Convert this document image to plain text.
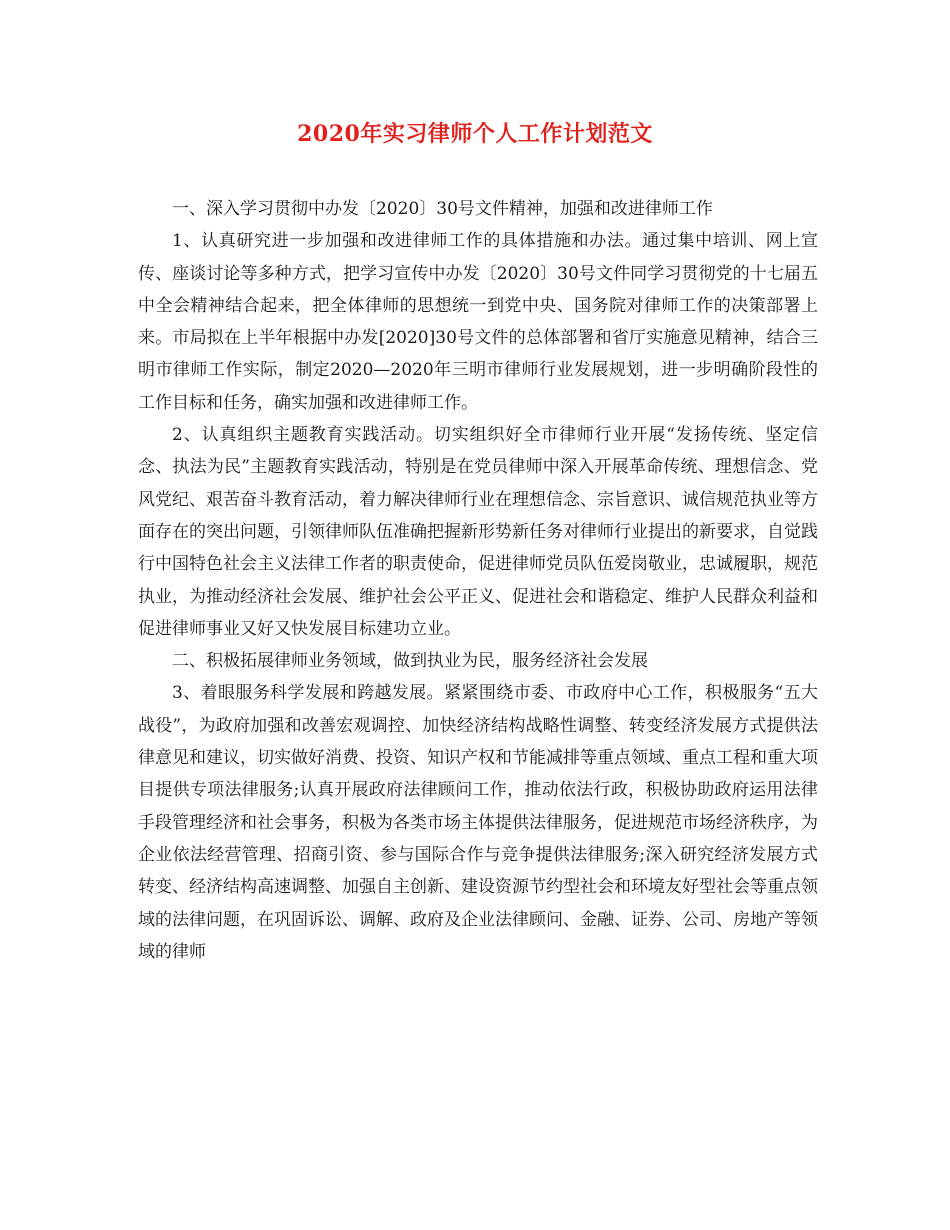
2020年实习律师个人工作计划范文

一、深入学习贯彻中办发〔2020〕30号文件精神，加强和改进律师工作

1、认真研究进一步加强和改进律师工作的具体措施和办法。通过集中培训、网上宣传、座谈讨论等多种方式，把学习宣传中办发〔2020〕30号文件同学习贯彻党的十七届五中全会精神结合起来，把全体律师的思想统一到党中央、国务院对律师工作的决策部署上来。市局拟在上半年根据中办发[2020]30号文件的总体部署和省厅实施意见精神，结合三明市律师工作实际，制定2020—2020年三明市律师行业发展规划，进一步明确阶段性的工作目标和任务，确实加强和改进律师工作。

2、认真组织主题教育实践活动。切实组织好全市律师行业开展“发扬传统、坚定信念、执法为民”主题教育实践活动，特别是在党员律师中深入开展革命传统、理想信念、党风党纪、艰苦奋斗教育活动，着力解决律师行业在理想信念、宗旨意识、诚信规范执业等方面存在的突出问题，引领律师队伍准确把握新形势新任务对律师行业提出的新要求，自觉践行中国特色社会主义法律工作者的职责使命，促进律师党员队伍爱岗敬业，忠诚履职，规范执业，为推动经济社会发展、维护社会公平正义、促进社会和谐稳定、维护人民群众利益和促进律师事业又好又快发展目标建功立业。

二、积极拓展律师业务领域，做到执业为民，服务经济社会发展

3、着眼服务科学发展和跨越发展。紧紧围绕市委、市政府中心工作，积极服务“五大战役”，为政府加强和改善宏观调控、加快经济结构战略性调整、转变经济发展方式提供法律意见和建议，切实做好消费、投资、知识产权和节能减排等重点领域、重点工程和重大项目提供专项法律服务;认真开展政府法律顾问工作，推动依法行政，积极协助政府运用法律手段管理经济和社会事务，积极为各类市场主体提供法律服务，促进规范市场经济秩序，为企业依法经营管理、招商引资、参与国际合作与竞争提供法律服务;深入研究经济发展方式转变、经济结构高速调整、加强自主创新、建设资源节约型社会和环境友好型社会等重点领域的法律问题，在巩固诉讼、调解、政府及企业法律顾问、金融、证券、公司、房地产等领域的律师
